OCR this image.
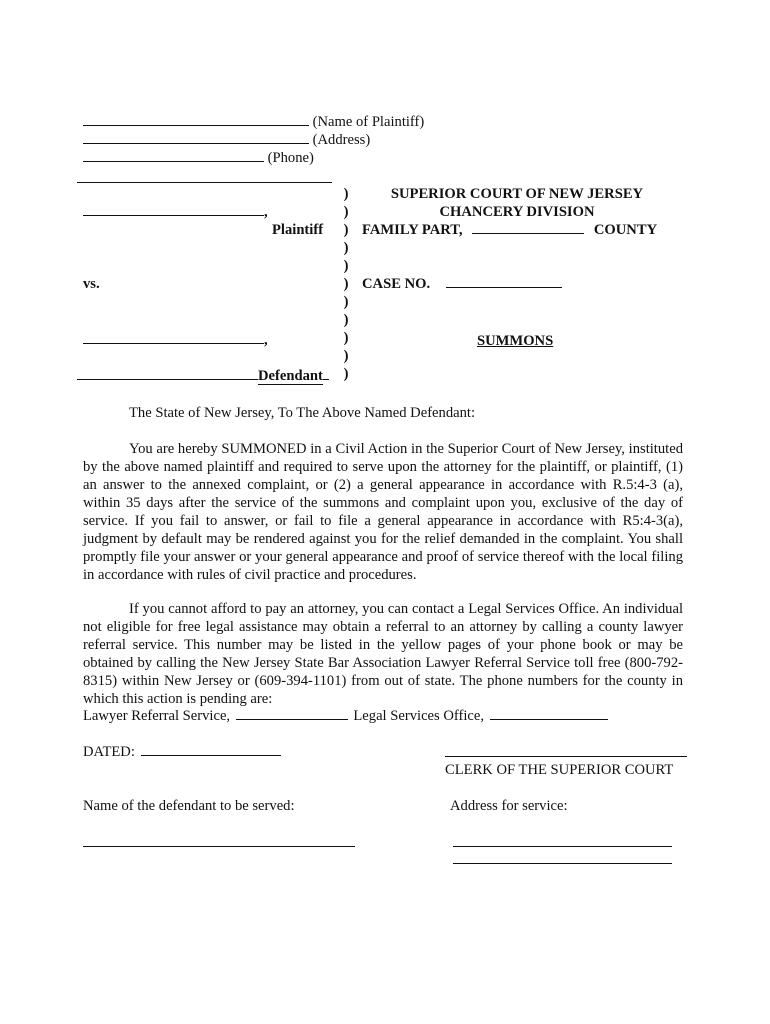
(Name of Plaintiff)
(Address)
(Phone)
,
Plaintiff
vs.
,
Defendant
)
)
)
)
)
)
)
)
)
)
)
SUPERIOR COURT OF NEW JERSEY
CHANCERY DIVISION
FAMILY PART,	COUNTY
CASE NO.
SUMMONS
The State of New Jersey, To The Above Named Defendant:
You are hereby SUMMONED in a Civil Action in the Superior Court of New Jersey, instituted by the above named plaintiff and required to serve upon the attorney for the plaintiff, or plaintiff, (1) an answer to the annexed complaint, or (2) a general appearance in accordance with R.5:4-3 (a), within 35 days after the service of the summons and complaint upon you, exclusive of the day of service. If you fail to answer, or fail to file a general appearance in accordance with R5:4-3(a), judgment by default may be rendered against you for the relief demanded in the complaint. You shall promptly file your answer or your general appearance and proof of service thereof with the local filing in accordance with rules of civil practice and procedures.
If you cannot afford to pay an attorney, you can contact a Legal Services Office. An individual not eligible for free legal assistance may obtain a referral to an attorney by calling a county lawyer referral service. This number may be listed in the yellow pages of your phone book or may be obtained by calling the New Jersey State Bar Association Lawyer Referral Service toll free (800-792-8315) within New Jersey or (609-394-1101) from out of state. The phone numbers for the county in which this action is pending are:
Lawyer Referral Service,	Legal Services Office,
DATED:
CLERK OF THE SUPERIOR COURT
Name of the defendant to be served:	Address for service:
